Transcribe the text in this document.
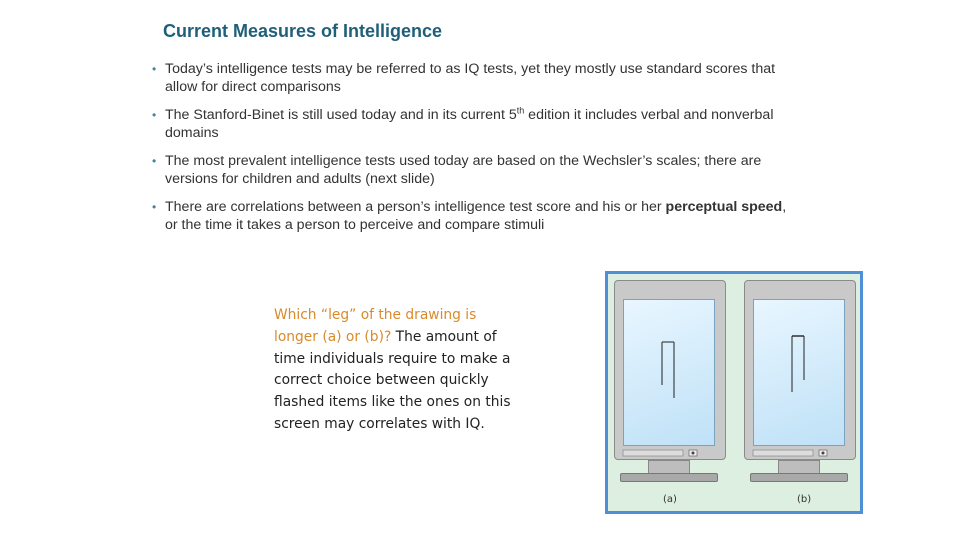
Current Measures of Intelligence
• Today’s intelligence tests may be referred to as IQ tests, yet they mostly use standard scores that allow for direct comparisons
• The Stanford-Binet is still used today and in its current 5th edition it includes verbal and nonverbal domains
• The most prevalent intelligence tests used today are based on the Wechsler’s scales; there are versions for children and adults (next slide)
• There are correlations between a person’s intelligence test score and his or her perceptual speed, or the time it takes a person to perceive and compare stimuli
Which “leg” of the drawing is longer (a) or (b)? The amount of time individuals require to make a correct choice between quickly flashed items like the ones on this screen may correlates with IQ.
(a)	(b)
